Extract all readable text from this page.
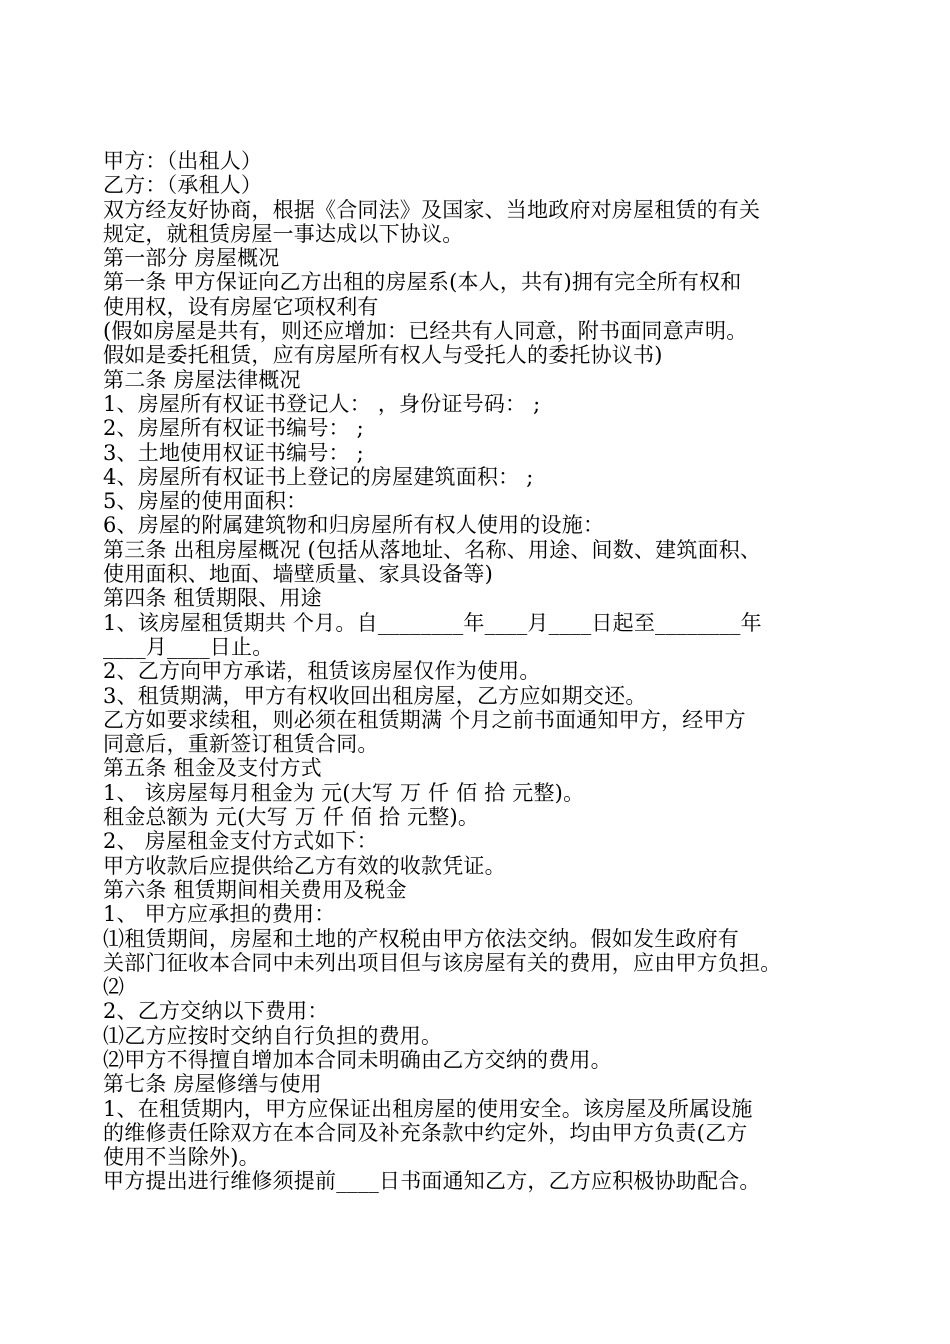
甲方：（出租人）
乙方：（承租人）
双方经友好协商，根据《合同法》及国家、当地政府对房屋租赁的有关
规定，就租赁房屋一事达成以下协议。
第一部分 房屋概况
第一条 甲方保证向乙方出租的房屋系(本人，共有)拥有完全所有权和
使用权，设有房屋它项权利有
(假如房屋是共有，则还应增加：已经共有人同意，附书面同意声明。
假如是委托租赁，应有房屋所有权人与受托人的委托协议书)
第二条 房屋法律概况
1、房屋所有权证书登记人： ，身份证号码： ;
2、房屋所有权证书编号： ;
3、土地使用权证书编号： ;
4、房屋所有权证书上登记的房屋建筑面积： ;
5、房屋的使用面积：
6、房屋的附属建筑物和归房屋所有权人使用的设施：
第三条 出租房屋概况 (包括从落地址、名称、用途、间数、建筑面积、
使用面积、地面、墙壁质量、家具设备等)
第四条 租赁期限、用途
1、该房屋租赁期共 个月。自________年____月____日起至________年
____月____日止。
2、乙方向甲方承诺，租赁该房屋仅作为使用。
3、租赁期满，甲方有权收回出租房屋，乙方应如期交还。
乙方如要求续租，则必须在租赁期满 个月之前书面通知甲方，经甲方
同意后，重新签订租赁合同。
第五条 租金及支付方式
1、 该房屋每月租金为 元(大写 万 仟 佰 拾 元整)。
租金总额为 元(大写 万 仟 佰 拾 元整)。
2、 房屋租金支付方式如下：
甲方收款后应提供给乙方有效的收款凭证。
第六条 租赁期间相关费用及税金
1、 甲方应承担的费用：
⑴租赁期间，房屋和土地的产权税由甲方依法交纳。假如发生政府有
关部门征收本合同中未列出项目但与该房屋有关的费用，应由甲方负担。
⑵
2、乙方交纳以下费用：
⑴乙方应按时交纳自行负担的费用。
⑵甲方不得擅自增加本合同未明确由乙方交纳的费用。
第七条 房屋修缮与使用
1、在租赁期内，甲方应保证出租房屋的使用安全。该房屋及所属设施
的维修责任除双方在本合同及补充条款中约定外，均由甲方负责(乙方
使用不当除外)。
甲方提出进行维修须提前____日书面通知乙方，乙方应积极协助配合。
